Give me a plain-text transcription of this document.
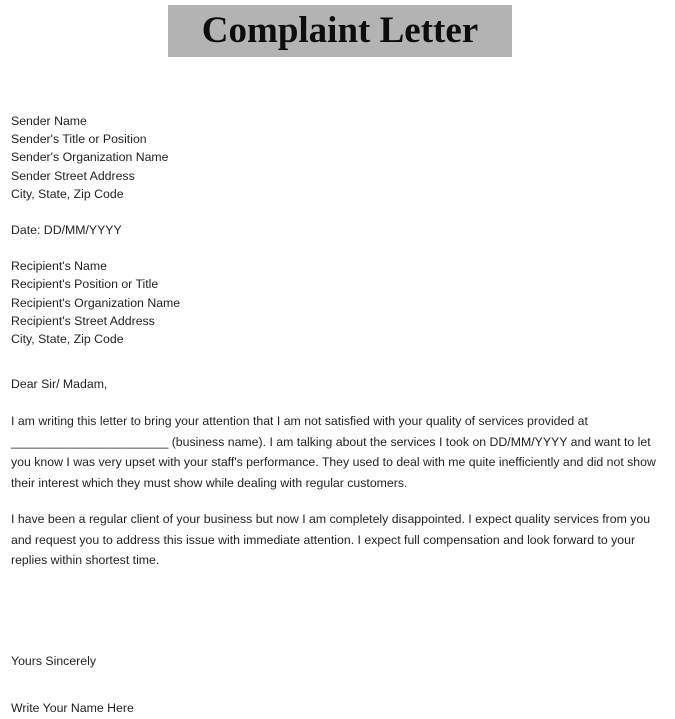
Complaint Letter
Sender Name
Sender's Title or Position
Sender's Organization Name
Sender Street Address
City, State, Zip Code
Date: DD/MM/YYYY
Recipient's Name
Recipient's Position or Title
Recipient's Organization Name
Recipient's Street Address
City, State, Zip Code
Dear Sir/ Madam,
I am writing this letter to bring your attention that I am not satisfied with your quality of services provided at _______________________ (business name). I am talking about the services I took on DD/MM/YYYY and want to let you know I was very upset with your staff's performance. They used to deal with me quite inefficiently and did not show their interest which they must show while dealing with regular customers.
I have been a regular client of your business but now I am completely disappointed. I expect quality services from you and request you to address this issue with immediate attention. I expect full compensation and look forward to your replies within shortest time.
Yours Sincerely
Write Your Name Here
